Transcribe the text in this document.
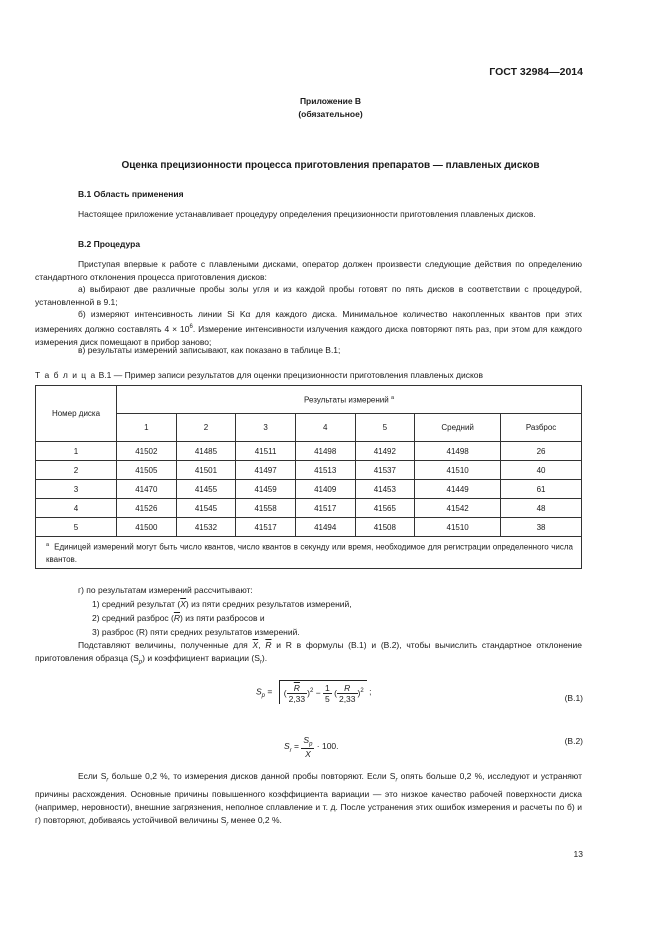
ГОСТ 32984—2014
Приложение В
(обязательное)
Оценка прецизионности процесса приготовления препаратов — плавленых дисков
В.1 Область применения
Настоящее приложение устанавливает процедуру определения прецизионности приготовления плавленых дисков.
В.2 Процедура
Приступая впервые к работе с плавлеными дисками, оператор должен произвести следующие действия по определению стандартного отклонения процесса приготовления дисков:
а) выбирают две различные пробы золы угля и из каждой пробы готовят по пять дисков в соответствии с процедурой, установленной в 9.1;
б) измеряют интенсивность линии Si Kα для каждого диска. Минимальное количество накопленных квантов при этих измерениях должно составлять $4 \times 10^6$. Измерение интенсивности излучения каждого диска повторяют пять раз, при этом для каждого измерения диск помещают в прибор заново;
в) результаты измерений записывают, как показано в таблице В.1;
Т а б л и ц а В.1 — Пример записи результатов для оценки прецизионности приготовления плавленых дисков
Номер диска	Результаты измерений $^а$
	1	2	3	4	5	Средний	Разброс
1	41502	41485	41511	41498	41492	41498	26
2	41505	41501	41497	41513	41537	41510	40
3	41470	41455	41459	41409	41453	41449	61
4	41526	41545	41558	41517	41565	41542	48
5	41500	41532	41517	41494	41508	41510	38
$^а$ Единицей измерений могут быть число квантов, число квантов в секунду или время, необходимое для регистрации определенного числа квантов.							
г) по результатам измерений рассчитывают:
1) средний результат $(\overline{X})$ из пяти средних результатов измерений,
2) средний разброс $(\overline{R})$ из пяти разбросов и
3) разброс (R) пяти средних результатов измерений.
Подставляют величины, полученные для $\overline{X}$, $\overline{R}$ и R в формулы (В.1) и (В.2), чтобы вычислить стандартное отклонение приготовления образца $(S_p)$ и коэффициент вариации $(S_r)$.
$S_p$ = ( $\frac{\overline{R}}{2,33} )^2 - \frac{1}{5}$ ( $\frac{R}{2,33} )^2$ ;
(В.1)
$S_r = \frac{S_p}{X} \cdot 100$.
(В.2)
Если $S_r$ больше 0,2 %, то измерения дисков данной пробы повторяют. Если $S_r$ опять больше 0,2 %, исследуют и устраняют причины расхождения. Основные причины повышенного коэффициента вариации — это низкое качество рабочей поверхности диска (например, неровности), внешние загрязнения, неполное сплавление и т. д. После устранения этих ошибок измерения и расчеты по б) и г) повторяют, добиваясь устойчивой величины $S_r$ менее 0,2 %.
13
